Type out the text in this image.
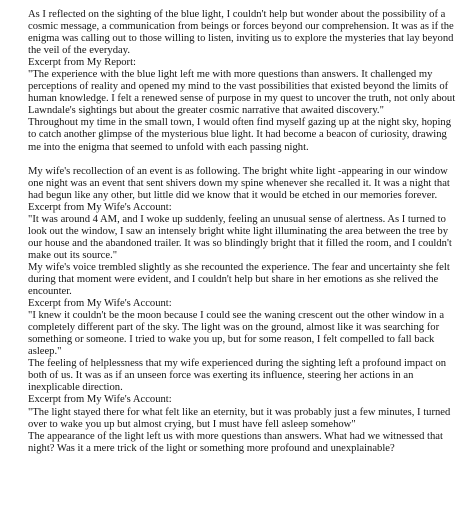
As I reflected on the sighting of the blue light, I couldn't help but wonder about the possibility of a cosmic message, a communication from beings or forces beyond our comprehension. It was as if the enigma was calling out to those willing to listen, inviting us to explore the mysteries that lay beyond the veil of the everyday.

Excerpt from My Report:

"The experience with the blue light left me with more questions than answers. It challenged my perceptions of reality and opened my mind to the vast possibilities that existed beyond the limits of human knowledge. I felt a renewed sense of purpose in my quest to uncover the truth, not only about Lawndale's sightings but about the greater cosmic narrative that awaited discovery."

Throughout my time in the small town, I would often find myself gazing up at the night sky, hoping to catch another glimpse of the mysterious blue light. It had become a beacon of curiosity, drawing me into the enigma that seemed to unfold with each passing night.

My wife's recollection of an event is as following. The bright white light -appearing in our window one night was an event that sent shivers down my spine whenever she recalled it. It was a night that had begun like any other, but little did we know that it would be etched in our memories forever.

Excerpt from My Wife's Account:

"It was around 4 AM, and I woke up suddenly, feeling an unusual sense of alertness. As I turned to look out the window, I saw an intensely bright white light illuminating the area between the tree by our house and the abandoned trailer. It was so blindingly bright that it filled the room, and I couldn't make out its source."

My wife's voice trembled slightly as she recounted the experience. The fear and uncertainty she felt during that moment were evident, and I couldn't help but share in her emotions as she relived the encounter.

Excerpt from My Wife's Account:

"I knew it couldn't be the moon because I could see the waning crescent out the other window in a completely different part of the sky. The light was on the ground, almost like it was searching for something or someone. I tried to wake you up, but for some reason, I felt compelled to fall back asleep."

The feeling of helplessness that my wife experienced during the sighting left a profound impact on both of us. It was as if an unseen force was exerting its influence, steering her actions in an inexplicable direction.

Excerpt from My Wife's Account:

"The light stayed there for what felt like an eternity, but it was probably just a few minutes, I turned over to wake you up but almost crying, but I must have fell asleep somehow"

The appearance of the light left us with more questions than answers. What had we witnessed that night? Was it a mere trick of the light or something more profound and unexplainable?
